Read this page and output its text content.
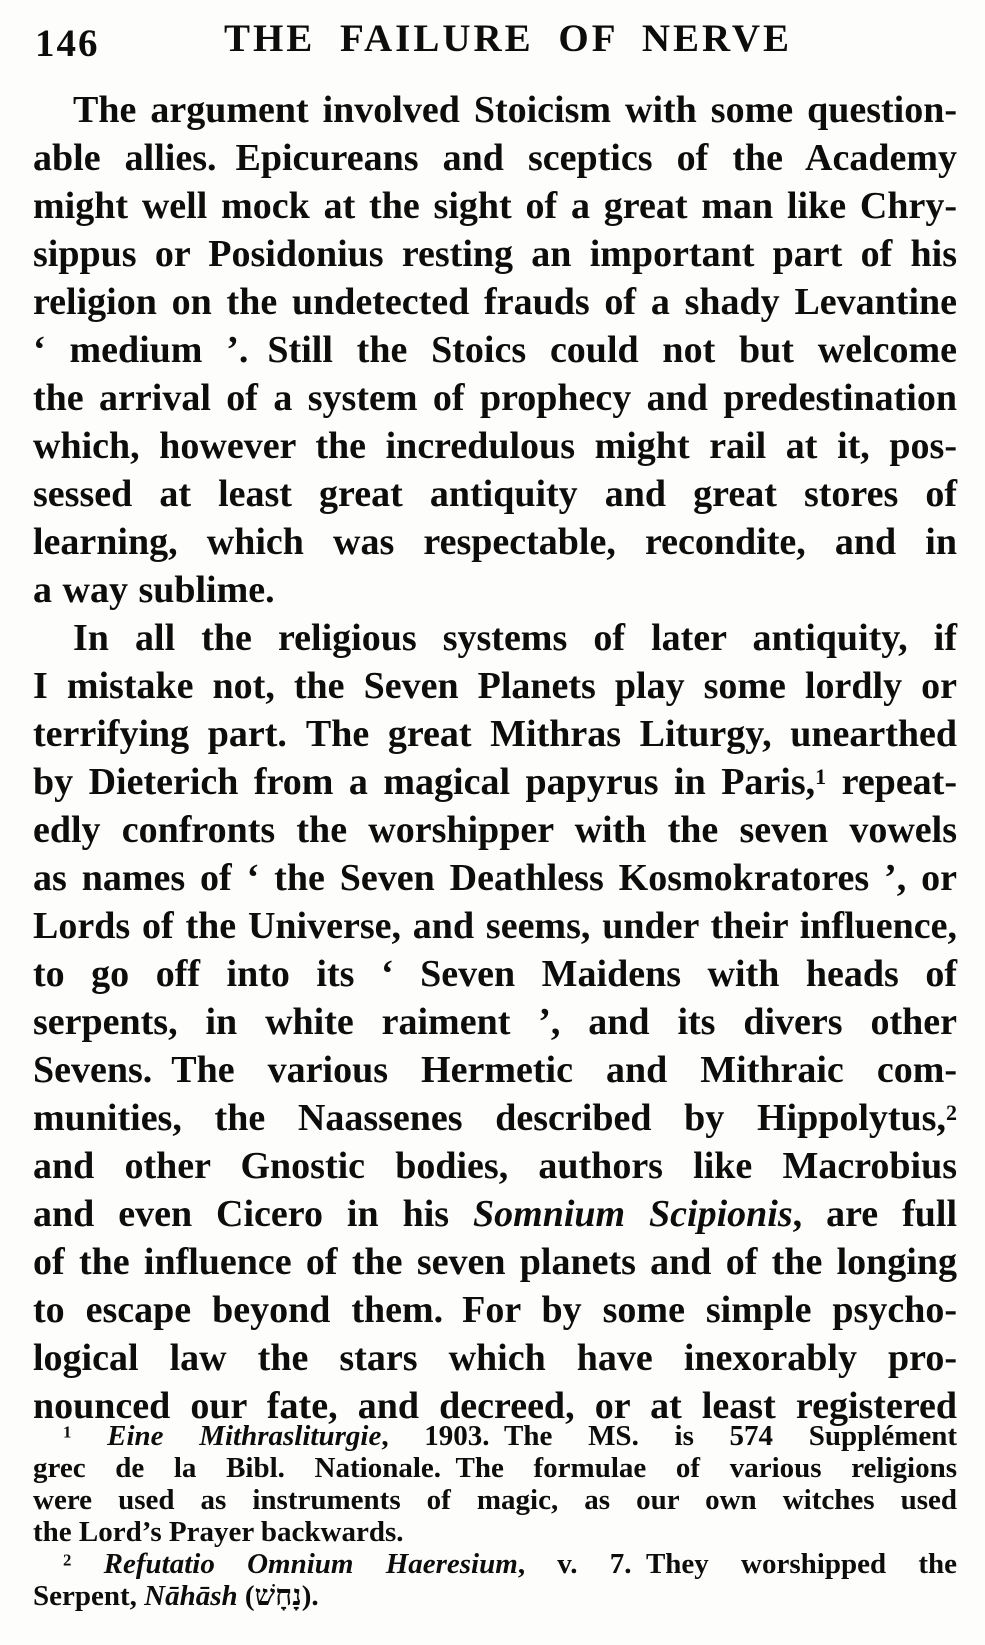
146	THE FAILURE OF NERVE
The argument involved Stoicism with some question-
able allies. Epicureans and sceptics of the Academy
might well mock at the sight of a great man like Chry-
sippus or Posidonius resting an important part of his
religion on the undetected frauds of a shady Levantine
‘ medium ’. Still the Stoics could not but welcome
the arrival of a system of prophecy and predestination
which, however the incredulous might rail at it, pos-
sessed at least great antiquity and great stores of
learning, which was respectable, recondite, and in
a way sublime.
In all the religious systems of later antiquity, if
I mistake not, the Seven Planets play some lordly or
terrifying part. The great Mithras Liturgy, unearthed
by Dieterich from a magical papyrus in Paris,$^1$ repeat-
edly confronts the worshipper with the seven vowels
as names of ‘ the Seven Deathless Kosmokratores ’, or
Lords of the Universe, and seems, under their influence,
to go off into its ‘ Seven Maidens with heads of
serpents, in white raiment ’, and its divers other
Sevens. The various Hermetic and Mithraic com-
munities, the Naassenes described by Hippolytus,$^2$
and other Gnostic bodies, authors like Macrobius
and even Cicero in his Somnium Scipionis, are full
of the influence of the seven planets and of the longing
to escape beyond them. For by some simple psycho-
logical law the stars which have inexorably pro-
nounced our fate, and decreed, or at least registered
$^1$ Eine Mithrasliturgie, 1903. The MS. is 574 Supplément
grec de la Bibl. Nationale. The formulae of various religions
were used as instruments of magic, as our own witches used
the Lord’s Prayer backwards.
$^2$ Refutatio Omnium Haeresium, v. 7. They worshipped the
Serpent, Nāhāsh (נָחָשׁ).
